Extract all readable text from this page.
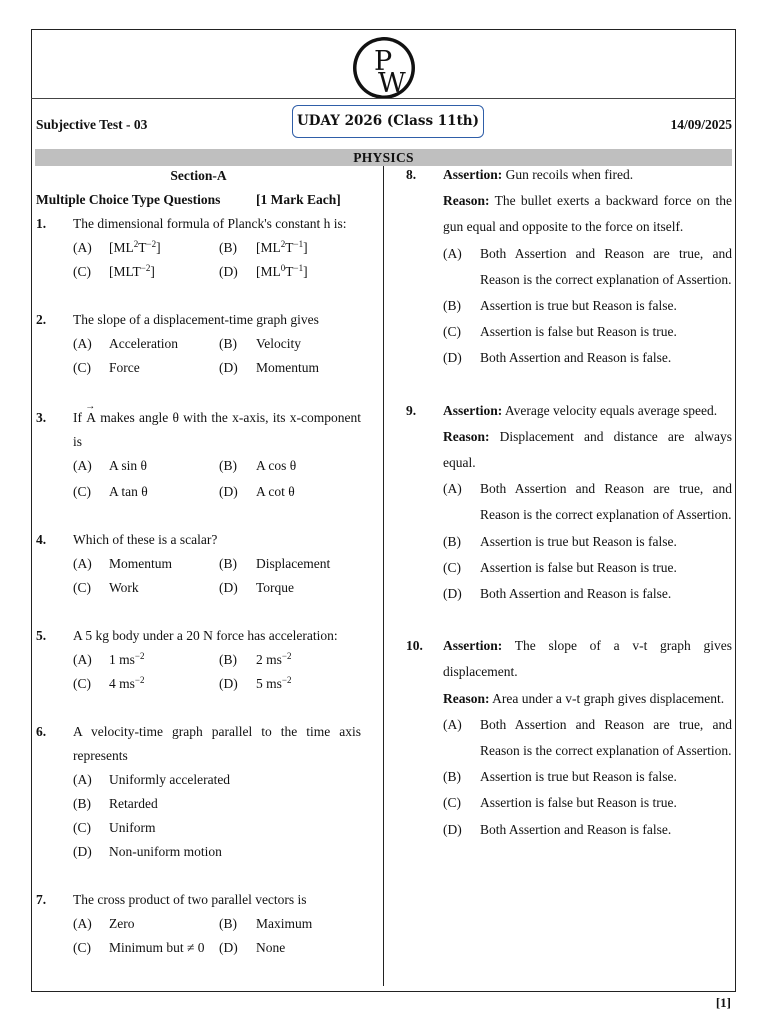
P
W
Subjective Test - 03	UDAY 2026 (Class 11th)	14/09/2025
PHYSICS
Section-A
Multiple Choice Type Questions	[1 Mark Each]
1. The dimensional formula of Planck's constant h is:
(A) $[ML^2T^{-2}]$	(B) $[ML^2T^{-1}]$
(C) $[MLT^{-2}]$	(D) $[ML^0T^{-1}]$
2. The slope of a displacement-time graph gives
(A) Acceleration	(B) Velocity
(C) Force	(D) Momentum
3. If → A makes angle θ with the x-axis, its x-component is
(A) A sin θ	(B) A cos θ
(C) A tan θ	(D) A cot θ
4. Which of these is a scalar?
(A) Momentum	(B) Displacement
(C) Work	(D) Torque
5. A 5 kg body under a 20 N force has acceleration:
(A) 1 $ms^{-2}$	(B) 2 $ms^{-2}$
(C) 4 $ms^{-2}$	(D) 5 $ms^{-2}$
6. A velocity-time graph parallel to the time axis represents
(A) Uniformly accelerated
(B) Retarded
(C) Uniform
(D) Non-uniform motion
7. The cross product of two parallel vectors is
(A) Zero	(B) Maximum
(C) Minimum but ≠ 0 (D) None
8. Assertion: Gun recoils when fired.
Reason: The bullet exerts a backward force on the gun equal and opposite to the force on itself.
(A) Both Assertion and Reason are true, and Reason is the correct explanation of Assertion.
(B) Assertion is true but Reason is false.
(C) Assertion is false but Reason is true.
(D) Both Assertion and Reason is false.
9. Assertion: Average velocity equals average speed.
Reason: Displacement and distance are always equal.
(A) Both Assertion and Reason are true, and Reason is the correct explanation of Assertion.
(B) Assertion is true but Reason is false.
(C) Assertion is false but Reason is true.
(D) Both Assertion and Reason is false.
10. Assertion: The slope of a v-t graph gives displacement.
Reason: Area under a v-t graph gives displacement.
(A) Both Assertion and Reason are true, and Reason is the correct explanation of Assertion.
(B) Assertion is true but Reason is false.
(C) Assertion is false but Reason is true.
(D) Both Assertion and Reason is false.
[1]
